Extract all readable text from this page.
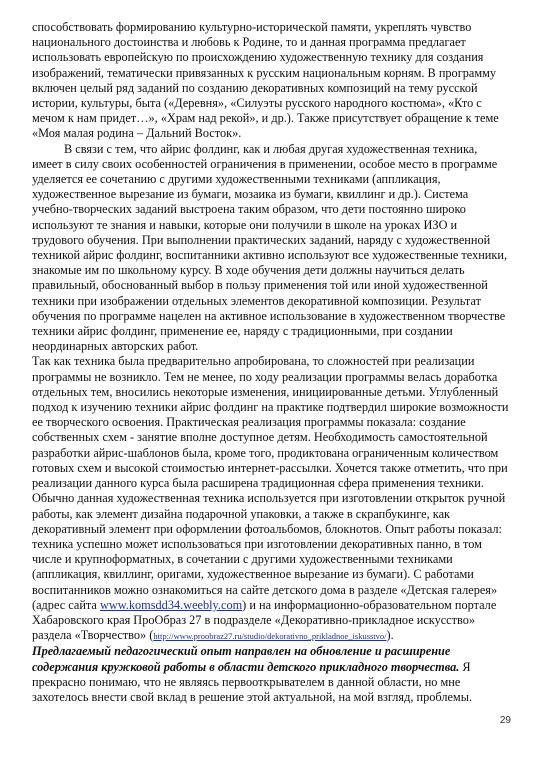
способствовать формированию культурно-исторической памяти, укреплять чувство национального достоинства и любовь к Родине, то и данная программа предлагает использовать европейскую по происхождению художественную технику для создания изображений, тематически привязанных к русским национальным корням. В программу включен целый ряд заданий по созданию декоративных композиций на тему русской истории, культуры, быта («Деревня», «Силуэты русского народного костюма», «Кто с мечом к нам придет…», «Храм над рекой», и др.). Также присутствует обращение к теме «Моя малая родина – Дальний Восток».

В связи с тем, что айрис фолдинг, как и любая другая художественная техника, имеет в силу своих особенностей ограничения в применении, особое место в программе уделяется ее сочетанию с другими художественными техниками (аппликация, художественное вырезание из бумаги, мозаика из бумаги, квиллинг и др.). Система учебно-творческих заданий выстроена таким образом, что дети постоянно широко используют те знания и навыки, которые они получили в школе на уроках ИЗО и трудового обучения. При выполнении практических заданий, наряду с художественной техникой айрис фолдинг, воспитанники активно используют все художественные техники, знакомые им по школьному курсу. В ходе обучения дети должны научиться делать правильный, обоснованный выбор в пользу применения той или иной художественной техники при изображении отдельных элементов декоративной композиции. Результат обучения по программе нацелен на активное использование в художественном творчестве техники айрис фолдинг, применение ее, наряду с традиционными, при создании неординарных авторских работ.

Так как техника была предварительно апробирована, то сложностей при реализации программы не возникло. Тем не менее, по ходу реализации программы велась доработка отдельных тем, вносились некоторые изменения, инициированные детьми. Углубленный подход к изучению техники айрис фолдинг на практике подтвердил широкие возможности ее творческого освоения. Практическая реализация программы показала: создание собственных схем - занятие вполне доступное детям. Необходимость самостоятельной разработки айрис-шаблонов была, кроме того, продиктована ограниченным количеством готовых схем и высокой стоимостью интернет-рассылки. Хочется также отметить, что при реализации данного курса была расширена традиционная сфера применения техники. Обычно данная художественная техника используется при изготовлении открыток ручной работы, как элемент дизайна подарочной упаковки, а также в скрапбукинге, как декоративный элемент при оформлении фотоальбомов, блокнотов. Опыт работы показал: техника успешно может использоваться при изготовлении декоративных панно, в том числе и крупноформатных, в сочетании с другими художественными техниками (аппликация, квиллинг, оригами, художественное вырезание из бумаги). С работами воспитанников можно ознакомиться на сайте детского дома в разделе «Детская галерея» (адрес сайта www.komsdd34.weebly.com) и на информационно-образовательном портале Хабаровского края ПроОбраз 27 в подразделе «Декоративно-прикладное искусство» раздела «Творчество» (http://www.proobraz27.ru/studio/dekorativno_prikladnoe_iskusstvo/).

Предлагаемый педагогический опыт направлен на обновление и расширение содержания кружковой работы в области детского прикладного творчества. Я прекрасно понимаю, что не являясь первооткрывателем в данной области, но мне захотелось внести свой вклад в решение этой актуальной, на мой взгляд, проблемы.

29
